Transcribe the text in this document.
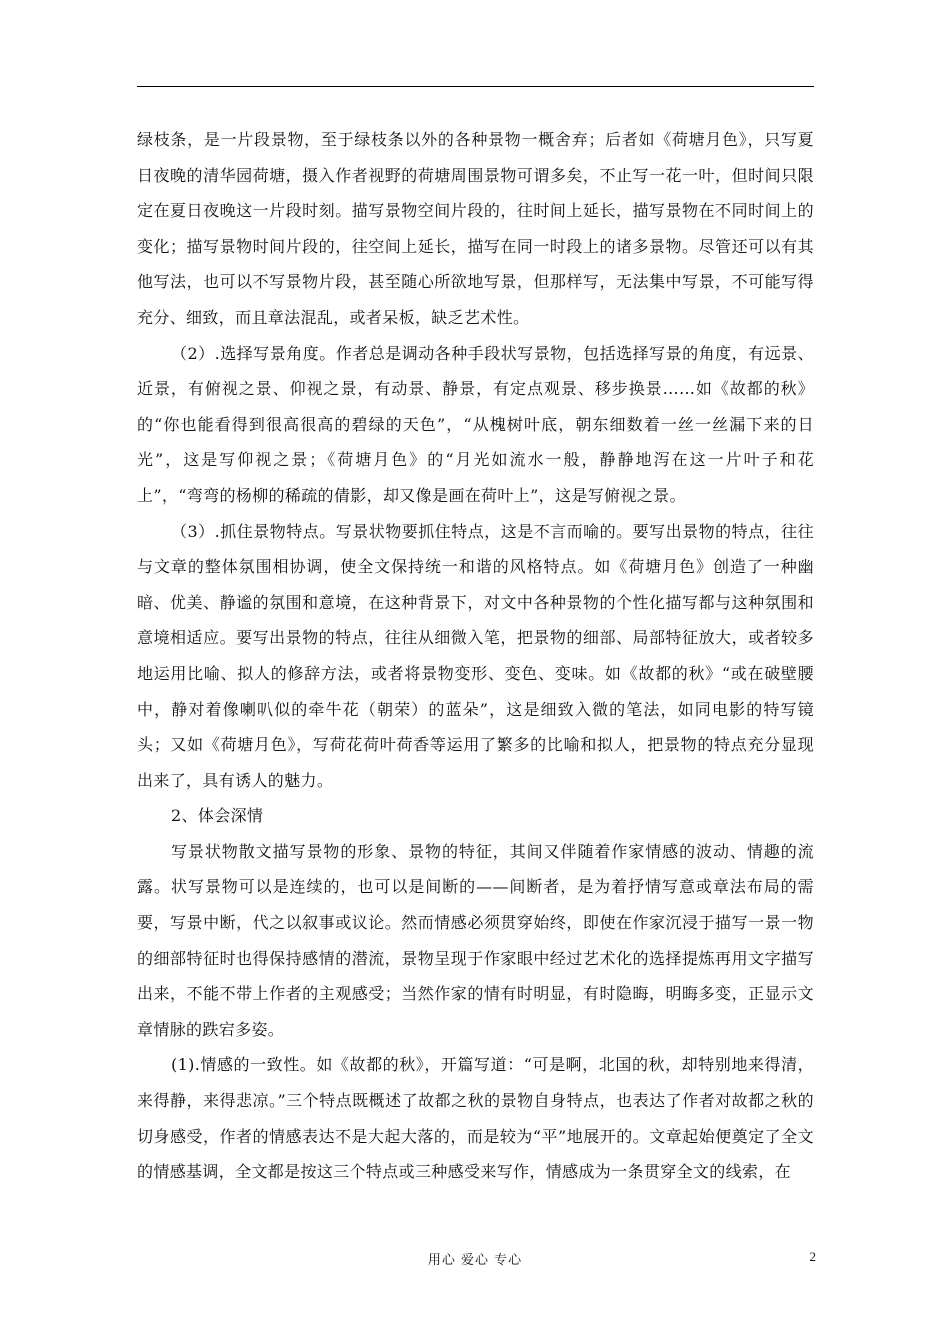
绿枝条，是一片段景物，至于绿枝条以外的各种景物一概舍弃；后者如《荷塘月色》，只写夏日夜晚的清华园荷塘，摄入作者视野的荷塘周围景物可谓多矣，不止写一花一叶，但时间只限定在夏日夜晚这一片段时刻。描写景物空间片段的，往时间上延长，描写景物在不同时间上的变化；描写景物时间片段的，往空间上延长，描写在同一时段上的诸多景物。尽管还可以有其他写法，也可以不写景物片段，甚至随心所欲地写景，但那样写，无法集中写景，不可能写得充分、细致，而且章法混乱，或者呆板，缺乏艺术性。

（2）.选择写景角度。作者总是调动各种手段状写景物，包括选择写景的角度，有远景、近景，有俯视之景、仰视之景，有动景、静景，有定点观景、移步换景……如《故都的秋》的“你也能看得到很高很高的碧绿的天色”，“从槐树叶底，朝东细数着一丝一丝漏下来的日光”，这是写仰视之景；《荷塘月色》的“月光如流水一般，静静地泻在这一片叶子和花上”，“弯弯的杨柳的稀疏的倩影，却又像是画在荷叶上”，这是写俯视之景。

（3）.抓住景物特点。写景状物要抓住特点，这是不言而喻的。要写出景物的特点，往往与文章的整体氛围相协调，使全文保持统一和谐的风格特点。如《荷塘月色》创造了一种幽暗、优美、静谧的氛围和意境，在这种背景下，对文中各种景物的个性化描写都与这种氛围和意境相适应。要写出景物的特点，往往从细微入笔，把景物的细部、局部特征放大，或者较多地运用比喻、拟人的修辞方法，或者将景物变形、变色、变味。如《故都的秋》“或在破壁腰中，静对着像喇叭似的牵牛花（朝荣）的蓝朵”，这是细致入微的笔法，如同电影的特写镜头；又如《荷塘月色》，写荷花荷叶荷香等运用了繁多的比喻和拟人，把景物的特点充分显现出来了，具有诱人的魅力。

2、体会深情

写景状物散文描写景物的形象、景物的特征，其间又伴随着作家情感的波动、情趣的流露。状写景物可以是连续的，也可以是间断的——间断者，是为着抒情写意或章法布局的需要，写景中断，代之以叙事或议论。然而情感必须贯穿始终，即使在作家沉浸于描写一景一物的细部特征时也得保持感情的潜流，景物呈现于作家眼中经过艺术化的选择提炼再用文字描写出来，不能不带上作者的主观感受；当然作家的情有时明显，有时隐晦，明晦多变，正显示文章情脉的跌宕多姿。

(1).情感的一致性。如《故都的秋》，开篇写道：“可是啊，北国的秋，却特别地来得清，来得静，来得悲凉。”三个特点既概述了故都之秋的景物自身特点，也表达了作者对故都之秋的切身感受，作者的情感表达不是大起大落的，而是较为“平”地展开的。文章起始便奠定了全文的情感基调，全文都是按这三个特点或三种感受来写作，情感成为一条贯穿全文的线索，在

用心 爱心 专心	2
